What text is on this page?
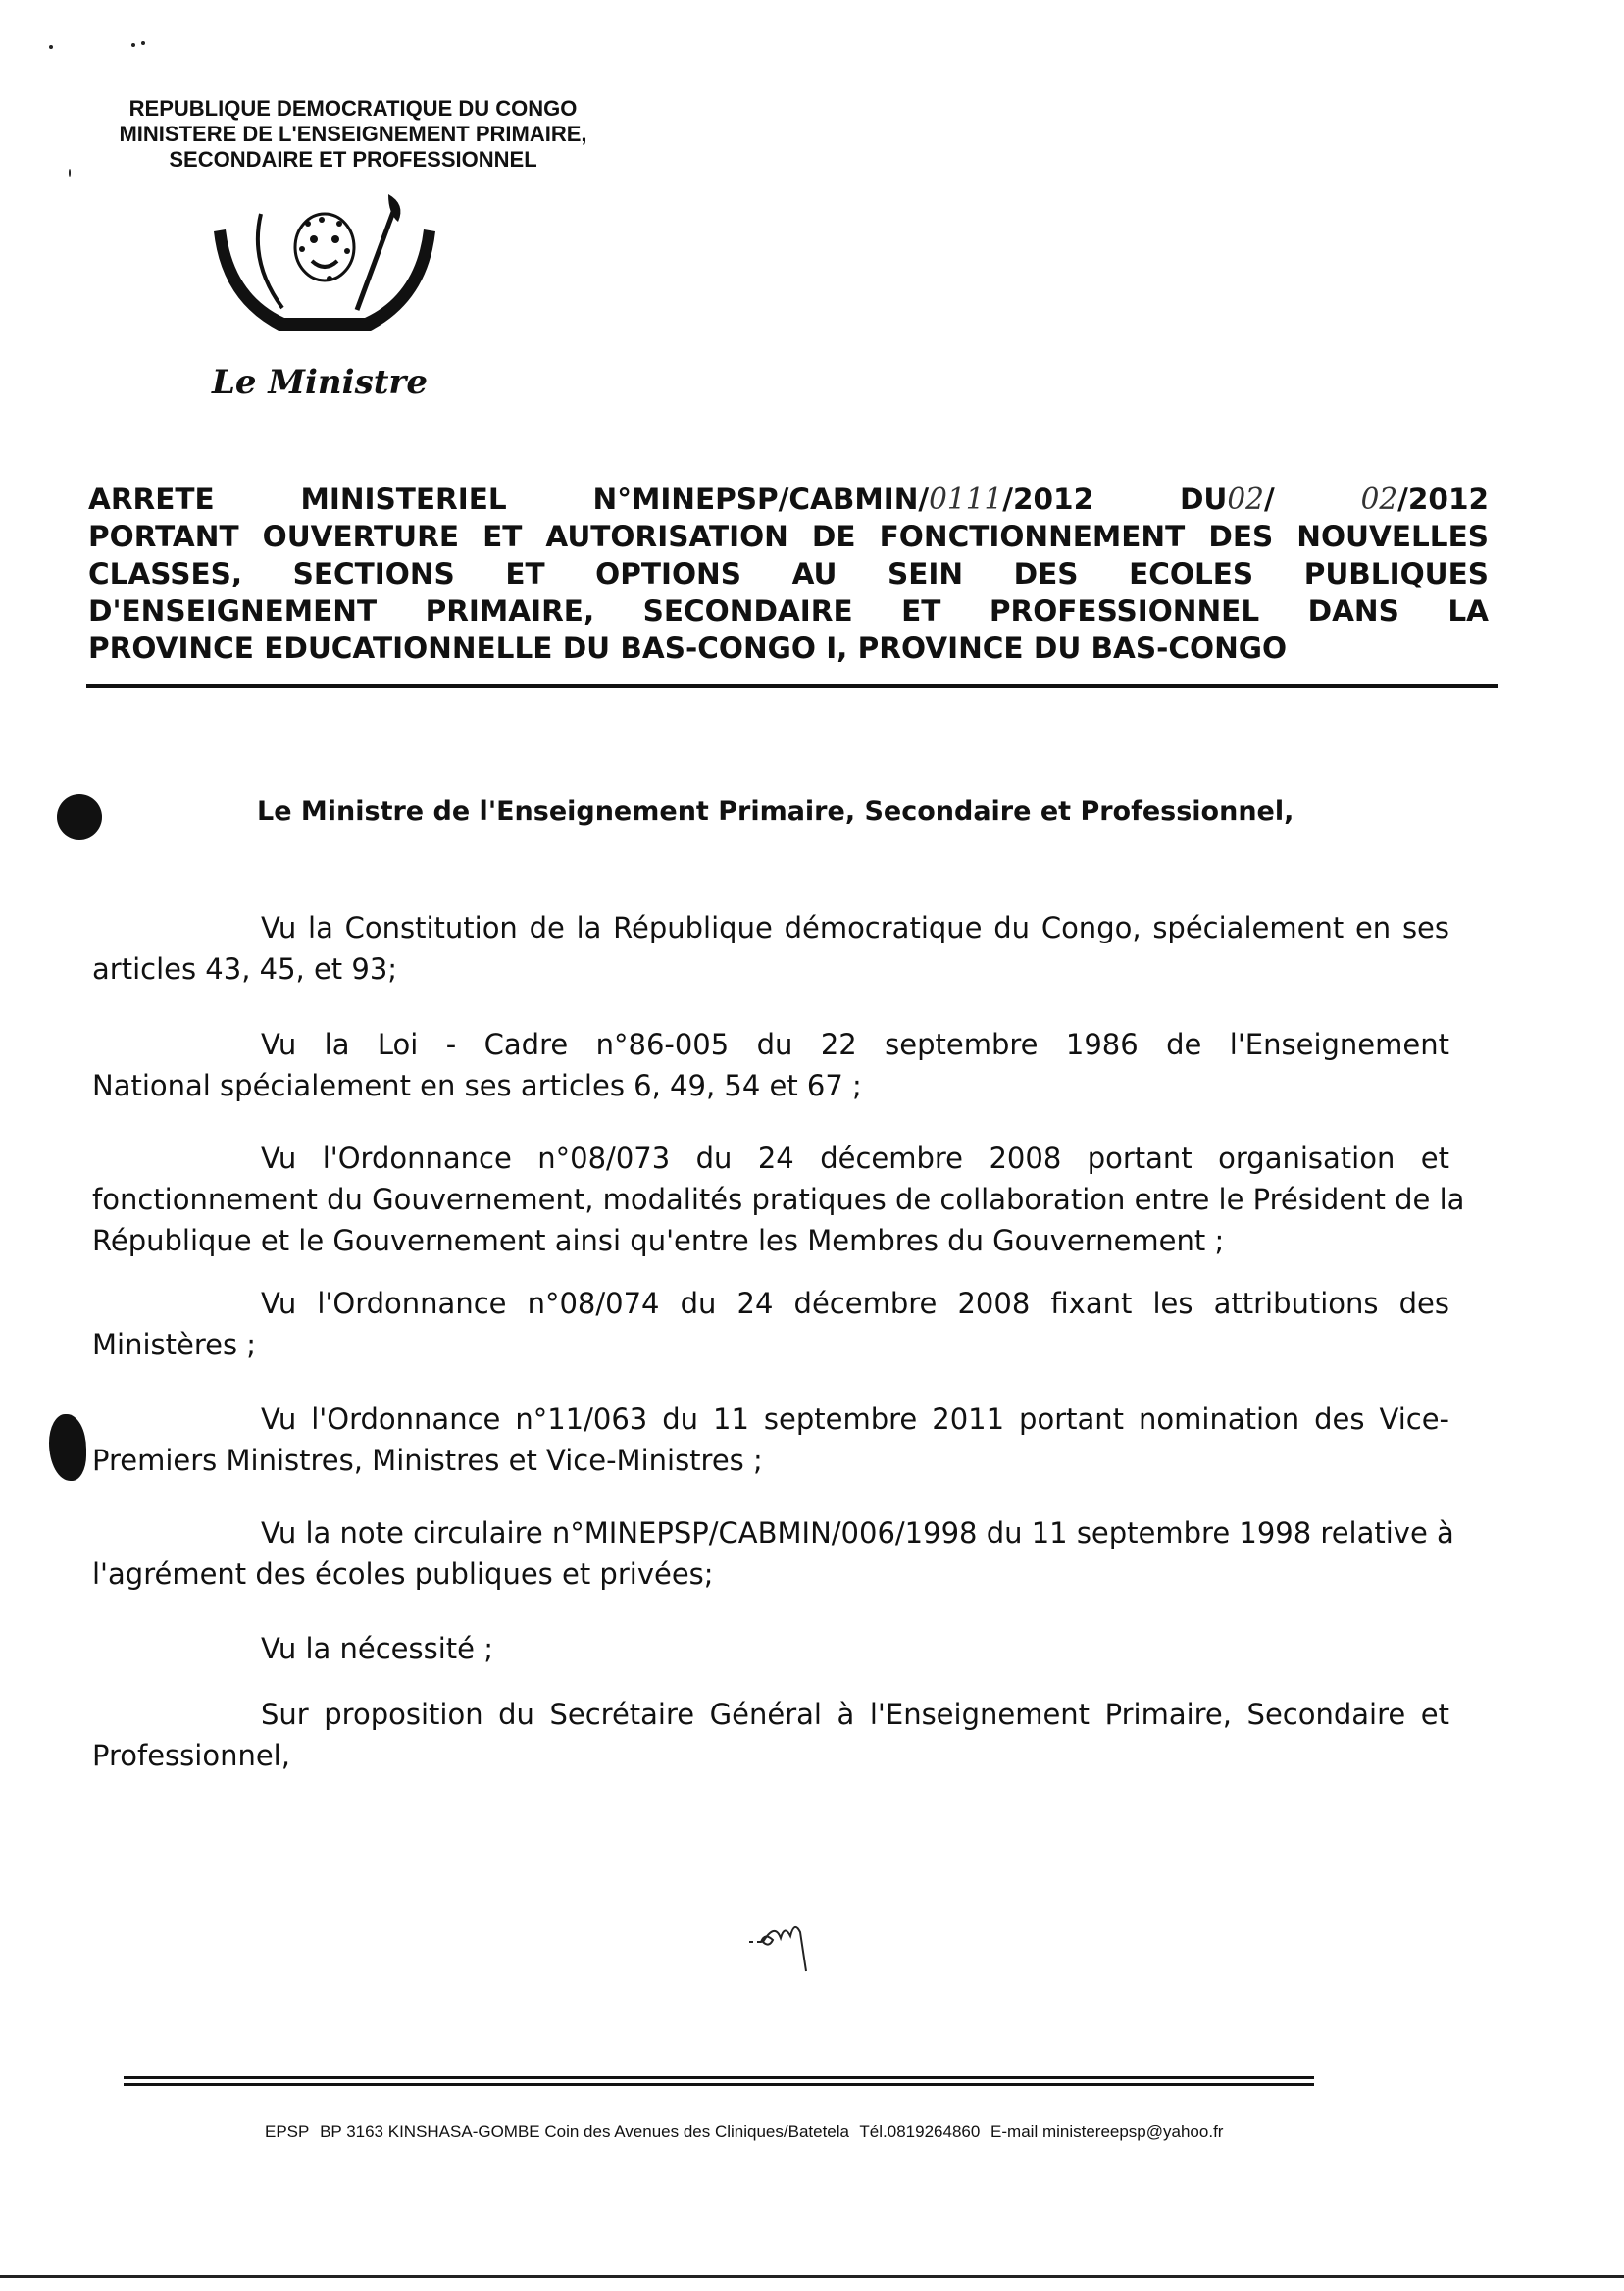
REPUBLIQUE DEMOCRATIQUE DU CONGO
MINISTERE DE L'ENSEIGNEMENT PRIMAIRE,
SECONDAIRE ET PROFESSIONNEL
JUSTICE
PAIX
TRAVAIL
Le Ministre
ARRETE MINISTERIEL N°MINEPSP/CABMIN/0111/2012 DU02/ 02/2012
PORTANT OUVERTURE ET AUTORISATION DE FONCTIONNEMENT DES NOUVELLES
CLASSES, SECTIONS ET OPTIONS AU SEIN DES ECOLES PUBLIQUES
D'ENSEIGNEMENT PRIMAIRE, SECONDAIRE ET PROFESSIONNEL DANS LA
PROVINCE EDUCATIONNELLE DU BAS-CONGO I, PROVINCE DU BAS-CONGO
Le Ministre de l'Enseignement Primaire, Secondaire et Professionnel,
Vu la Constitution de la République démocratique du Congo, spécialement en ses
articles 43, 45, et 93;
Vu la Loi - Cadre n°86-005 du 22 septembre 1986 de l'Enseignement
National spécialement en ses articles 6, 49, 54 et 67 ;
Vu l'Ordonnance n°08/073 du 24 décembre 2008 portant organisation et
fonctionnement du Gouvernement, modalités pratiques de collaboration entre le Président de la
République et le Gouvernement ainsi qu'entre les Membres du Gouvernement ;
Vu l'Ordonnance n°08/074 du 24 décembre 2008 fixant les attributions des
Ministères ;
Vu l'Ordonnance n°11/063 du 11 septembre 2011 portant nomination des Vice-
Premiers Ministres, Ministres et Vice-Ministres ;
Vu la note circulaire n°MINEPSP/CABMIN/006/1998 du 11 septembre 1998 relative à
l'agrément des écoles publiques et privées;
Vu la nécessité ;
Sur proposition du Secrétaire Général à l'Enseignement Primaire, Secondaire et
Professionnel,
EPSP BP 3163 KINSHASA-GOMBE Coin des Avenues des Cliniques/Batetela Tél.0819264860 E-mail ministereepsp@yahoo.fr
